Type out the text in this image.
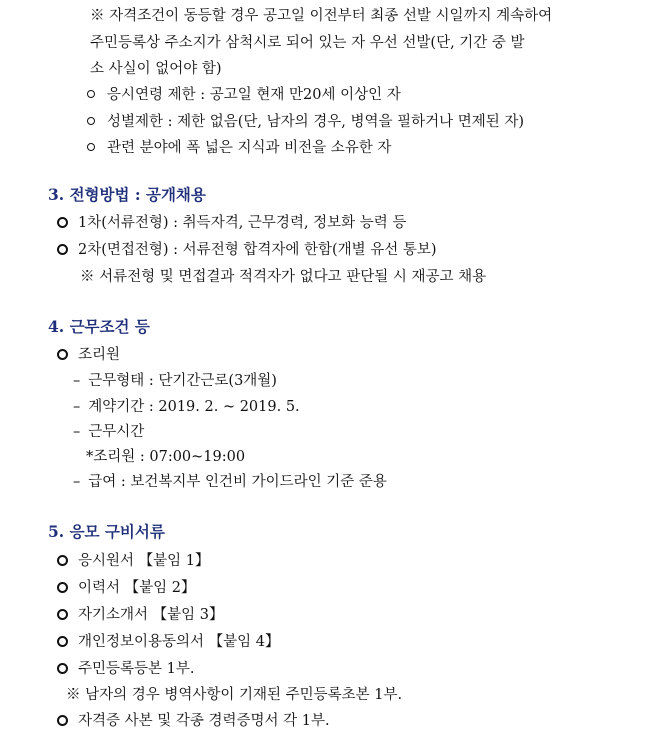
※ 자격조건이 동등할 경우 공고일 이전부터 최종 선발 시일까지 계속하여
주민등록상 주소지가 삼척시로 되어 있는 자 우선 선발(단, 기간 중 발
소 사실이 없어야 함)
응시연령 제한 : 공고일 현재 만20세 이상인 자
성별제한 : 제한 없음(단, 남자의 경우, 병역을 필하거나 면제된 자)
관련 분야에 폭 넓은 지식과 비전을 소유한 자
3. 전형방법 : 공개채용
1차(서류전형) : 취득자격, 근무경력, 정보화 능력 등
2차(면접전형) : 서류전형 합격자에 한함(개별 유선 통보)
※ 서류전형 및 면접결과 적격자가 없다고 판단될 시 재공고 채용
4. 근무조건 등
조리원
– 근무형태 : 단기간근로(3개월)
– 계약기간 : 2019. 2. ~ 2019. 5.
– 근무시간
*조리원 : 07:00~19:00
– 급여 : 보건복지부 인건비 가이드라인 기준 준용
5. 응모 구비서류
응시원서 【붙임 1】
이력서 【붙임 2】
자기소개서 【붙임 3】
개인정보이용동의서 【붙임 4】
주민등록등본 1부.
※ 남자의 경우 병역사항이 기재된 주민등록초본 1부.
자격증 사본 및 각종 경력증명서 각 1부.
